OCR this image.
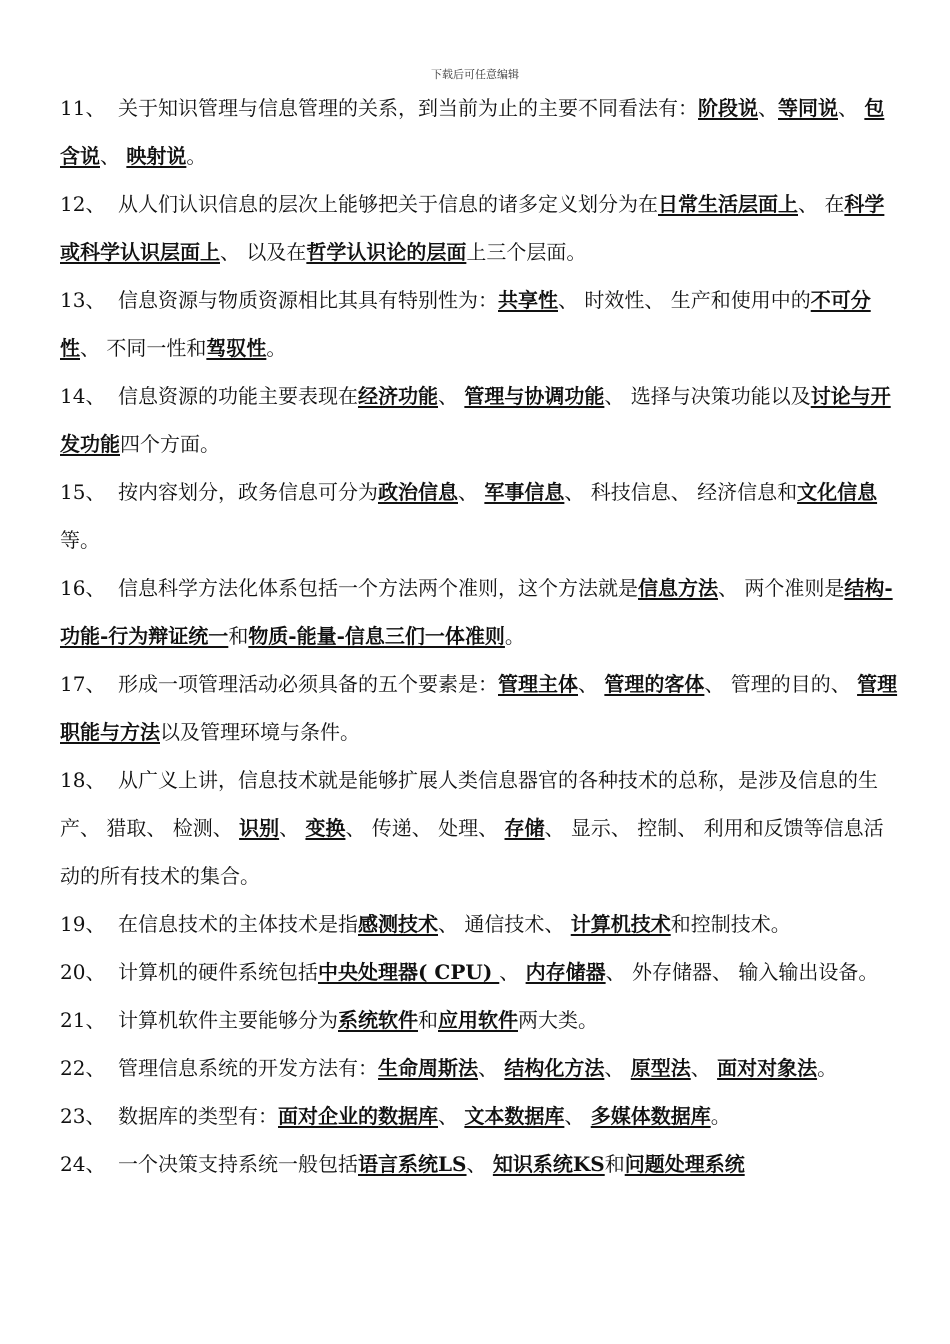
下载后可任意编辑

11、关于知识管理与信息管理的关系，到当前为止的主要不同看法有：阶段说、等同说、 包含说、 映射说。

12、从人们认识信息的层次上能够把关于信息的诸多定义划分为在日常生活层面上、 在科学或科学认识层面上、 以及在哲学认识论的层面上三个层面。

13、信息资源与物质资源相比其具有特别性为：共享性、 时效性、 生产和使用中的不可分性、 不同一性和驾驭性。

14、信息资源的功能主要表现在经济功能、 管理与协调功能、 选择与决策功能以及讨论与开发功能四个方面。

15、按内容划分，政务信息可分为政治信息、 军事信息、 科技信息、 经济信息和文化信息等。

16、信息科学方法化体系包括一个方法两个准则，这个方法就是信息方法、 两个准则是结构-功能-行为辩证统一和物质-能量-信息三们一体准则。

17、形成一项管理活动必须具备的五个要素是：管理主体、 管理的客体、 管理的目的、 管理职能与方法以及管理环境与条件。

18、从广义上讲，信息技术就是能够扩展人类信息器官的各种技术的总称，是涉及信息的生产、 猎取、 检测、 识别、 变换、 传递、 处理、 存储、 显示、 控制、 利用和反馈等信息活动的所有技术的集合。

19、在信息技术的主体技术是指感测技术、 通信技术、 计算机技术和控制技术。

20、计算机的硬件系统包括中央处理器( CPU) 、 内存储器、 外存储器、 输入输出设备。

21、计算机软件主要能够分为系统软件和应用软件两大类。

22、管理信息系统的开发方法有：生命周斯法、 结构化方法、 原型法、 面对对象法。

23、数据库的类型有：面对企业的数据库、 文本数据库、 多媒体数据库。

24、一个决策支持系统一般包括语言系统LS、 知识系统KS和问题处理系统
